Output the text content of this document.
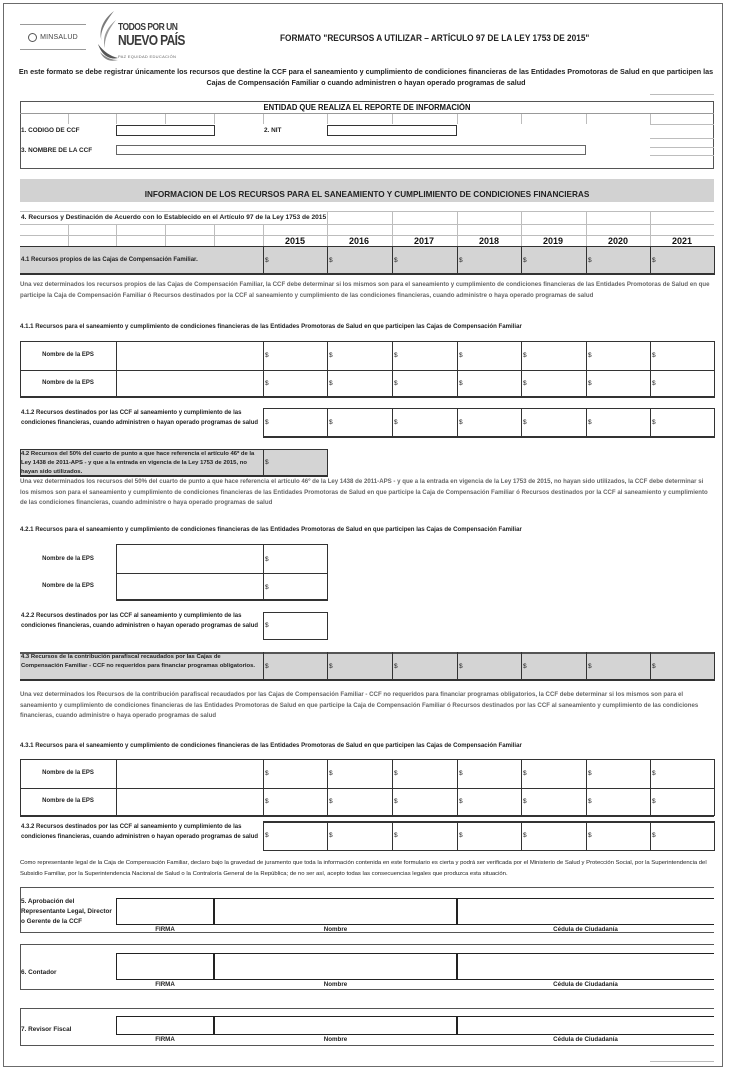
MINSALUD
TODOS POR UN
NUEVO PAÍS
PAZ EQUIDAD EDUCACIÓN
FORMATO "RECURSOS A UTILIZAR – ARTÍCULO 97 DE LA LEY 1753 DE 2015"
En este formato se debe registrar únicamente los recursos que destine la CCF para el saneamiento y cumplimiento de condiciones financieras de las Entidades Promotoras de Salud en que participen las Cajas de Compensación Familiar o cuando administren o hayan operado programas de salud
ENTIDAD QUE REALIZA EL REPORTE DE INFORMACIÓN
1. CODIGO DE CCF	2. NIT
3. NOMBRE DE LA CCF
INFORMACION DE LOS RECURSOS PARA EL SANEAMIENTO Y CUMPLIMIENTO DE CONDICIONES FINANCIERAS
4. Recursos y Destinación de Acuerdo con lo Establecido en el Artículo 97 de la Ley 1753 de 2015
2015	2016	2017	2018	2019	2020	2021
4.1 Recursos propios de las Cajas de Compensación Familiar.	$	$	$	$	$	$	$
Una vez determinados los recursos propios de las Cajas de Compensación Familiar, la CCF debe determinar si los mismos son para el saneamiento y cumplimiento de condiciones financieras de las Entidades Promotoras de Salud en que participe la Caja de Compensación Familiar ó Recursos destinados por la CCF al saneamiento y cumplimiento de las condiciones financieras, cuando administre o haya operado programas de salud
4.1.1 Recursos para el saneamiento y cumplimiento de condiciones financieras de las Entidades Promotoras de Salud en que participen las Cajas de Compensación Familiar
Nombre de la EPS
Nombre de la EPS
$	$	$	$	$	$	$
$	$	$	$	$	$	$
4.1.2 Recursos destinados por las CCF al saneamiento y cumplimiento de las condiciones financieras, cuando administren o hayan operado programas de salud	$	$	$	$	$	$	$
4.2 Recursos del 50% del cuarto de punto a que hace referencia el artículo 46º de la Ley 1438 de 2011-APS - y que a la entrada en vigencia de la Ley 1753 de 2015, no hayan sido utilizados.
$
Una vez determinados los recursos del 50% del cuarto de punto a que hace referencia el artículo 46º de la Ley 1438 de 2011-APS - y que a la entrada en vigencia de la Ley 1753 de 2015, no hayan sido utilizados, la CCF debe determinar si los mismos son para el saneamiento y cumplimiento de condiciones financieras de las Entidades Promotoras de Salud en que participe la Caja de Compensación Familiar ó Recursos destinados por la CCF al saneamiento y cumplimiento de las condiciones financieras, cuando administre o haya operado programas de salud
4.2.1 Recursos para el saneamiento y cumplimiento de condiciones financieras de las Entidades Promotoras de Salud en que participen las Cajas de Compensación Familiar
Nombre de la EPS
Nombre de la EPS
$
$
4.2.2 Recursos destinados por las CCF al saneamiento y cumplimiento de las condiciones financieras, cuando administren o hayan operado programas de salud	$
4.3 Recursos de la contribución parafiscal recaudados por las Cajas de Compensación Familiar - CCF no requeridos para financiar programas obligatorios.	$	$	$	$	$	$	$
Una vez determinados los Recursos de la contribución parafiscal recaudados por las Cajas de Compensación Familiar - CCF no requeridos para financiar programas obligatorios, la CCF debe determinar si los mismos son para el saneamiento y cumplimiento de condiciones financieras de las Entidades Promotoras de Salud en que participe la Caja de Compensación Familiar ó Recursos destinados por las CCF al saneamiento y cumplimiento de las condiciones financieras, cuando administre o haya operado programas de salud
4.3.1 Recursos para el saneamiento y cumplimiento de condiciones financieras de las Entidades Promotoras de Salud en que participen las Cajas de Compensación Familiar
Nombre de la EPS
Nombre de la EPS
$	$	$	$	$	$	$
$	$	$	$	$	$	$
4.3.2 Recursos destinados por las CCF al saneamiento y cumplimiento de las condiciones financieras, cuando administren o hayan operado programas de salud	$	$	$	$	$	$	$
Como representante legal de la Caja de Compensación Familiar, declaro bajo la gravedad de juramento que toda la información contenida en este formulario es cierta y podrá ser verificada por el Ministerio de Salud y Protección Social, por la Superintendencia del Subsidio Familiar, por la Superintendencia Nacional de Salud o la Contraloría General de la República; de no ser así, acepto todas las consecuencias legales que produzca esta situación.
FIRMA	Nombre	Cédula de Ciudadanía
5. Aprobación del Representante Legal, Director o Gerente de la CCF
FIRMA	Nombre	Cédula de Ciudadanía
6. Contador
FIRMA	Nombre	Cédula de Ciudadanía
7. Revisor Fiscal
